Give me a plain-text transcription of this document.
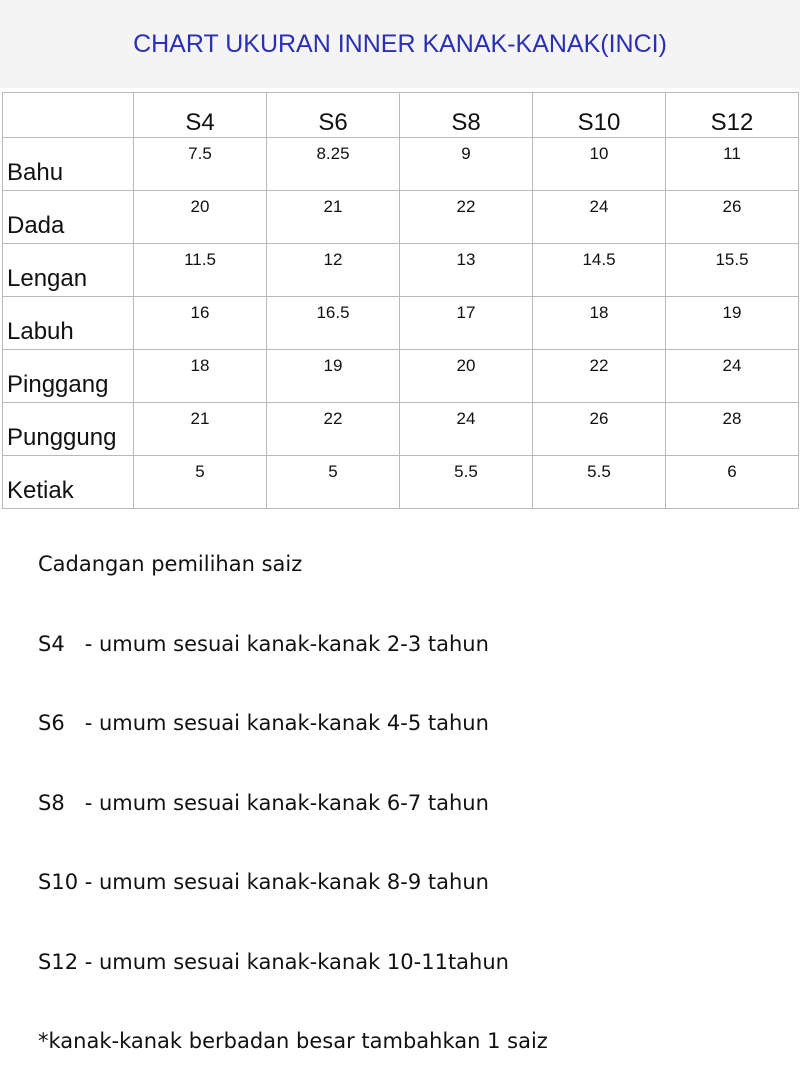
CHART UKURAN INNER KANAK-KANAK(INCI)
	S4	S6	S8	S10	S12
Bahu	7.5	8.25	9	10	11
Dada	20	21	22	24	26
Lengan	11.5	12	13	14.5	15.5
Labuh	16	16.5	17	18	19
Pinggang	18	19	20	22	24
Punggung	21	22	24	26	28
Ketiak	5	5	5.5	5.5	6

Cadangan pemilihan saiz

S4   - umum sesuai kanak-kanak 2-3 tahun

S6   - umum sesuai kanak-kanak 4-5 tahun

S8   - umum sesuai kanak-kanak 6-7 tahun

S10 - umum sesuai kanak-kanak 8-9 tahun

S12 - umum sesuai kanak-kanak 10-11tahun

*kanak-kanak berbadan besar tambahkan 1 saiz
